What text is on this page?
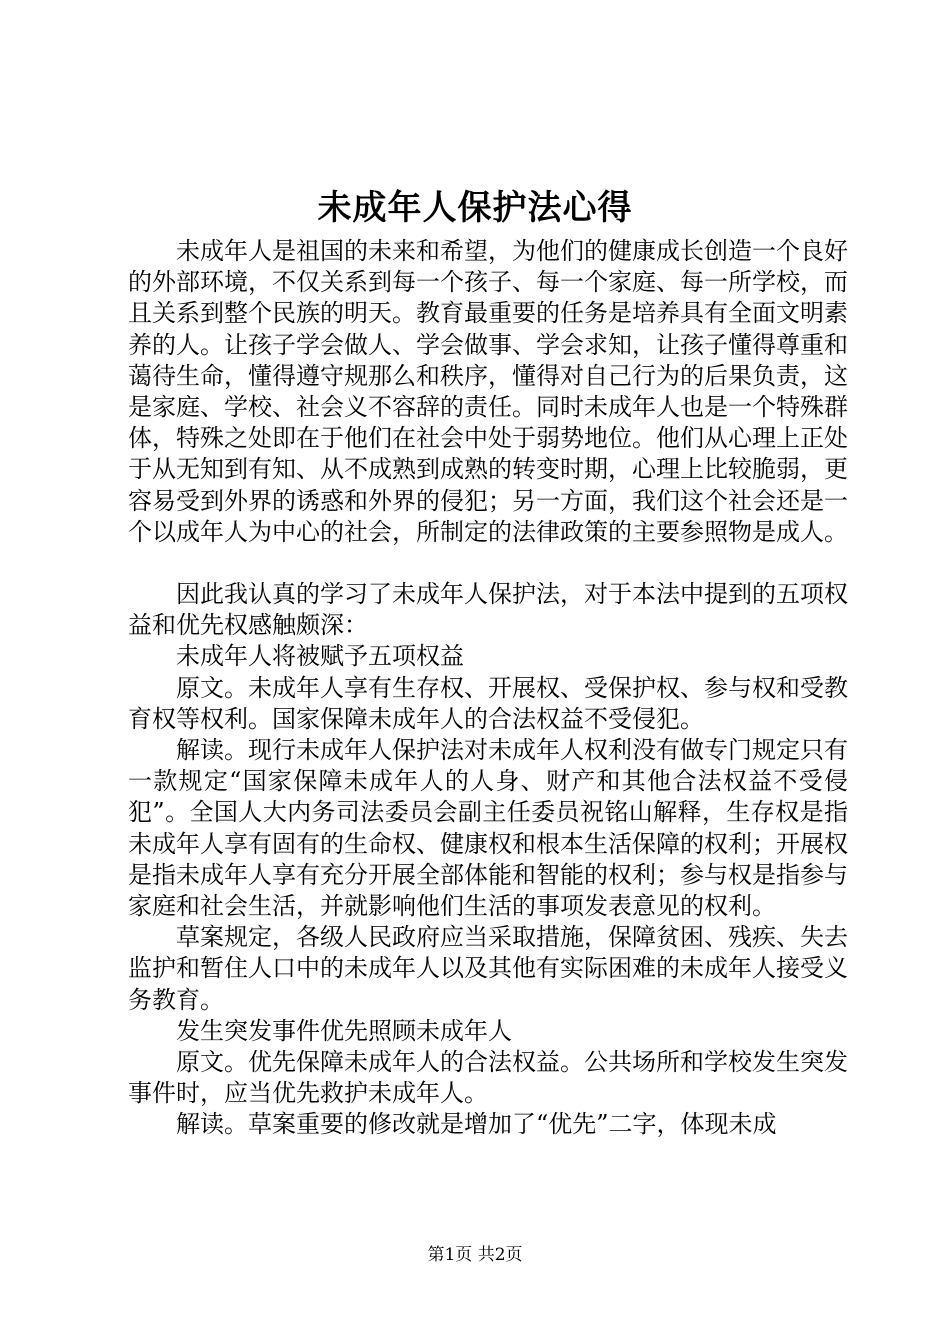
未成年人保护法心得

未成年人是祖国的未来和希望，为他们的健康成长创造一个良好的外部环境，不仅关系到每一个孩子、每一个家庭、每一所学校，而且关系到整个民族的明天。教育最重要的任务是培养具有全面文明素养的人。让孩子学会做人、学会做事、学会求知，让孩子懂得尊重和蔼待生命，懂得遵守规那么和秩序，懂得对自己行为的后果负责，这是家庭、学校、社会义不容辞的责任。同时未成年人也是一个特殊群体，特殊之处即在于他们在社会中处于弱势地位。他们从心理上正处于从无知到有知、从不成熟到成熟的转变时期，心理上比较脆弱，更容易受到外界的诱惑和外界的侵犯；另一方面，我们这个社会还是一个以成年人为中心的社会，所制定的法律政策的主要参照物是成人。

因此我认真的学习了未成年人保护法，对于本法中提到的五项权益和优先权感触颇深：

未成年人将被赋予五项权益

原文。未成年人享有生存权、开展权、受保护权、参与权和受教育权等权利。国家保障未成年人的合法权益不受侵犯。

解读。现行未成年人保护法对未成年人权利没有做专门规定只有一款规定“国家保障未成年人的人身、财产和其他合法权益不受侵犯”。全国人大内务司法委员会副主任委员祝铭山解释，生存权是指未成年人享有固有的生命权、健康权和根本生活保障的权利；开展权是指未成年人享有充分开展全部体能和智能的权利；参与权是指参与家庭和社会生活，并就影响他们生活的事项发表意见的权利。

草案规定，各级人民政府应当采取措施，保障贫困、残疾、失去监护和暂住人口中的未成年人以及其他有实际困难的未成年人接受义务教育。

发生突发事件优先照顾未成年人

原文。优先保障未成年人的合法权益。公共场所和学校发生突发事件时，应当优先救护未成年人。

解读。草案重要的修改就是增加了“优先”二字，体现未成

第1页 共2页
